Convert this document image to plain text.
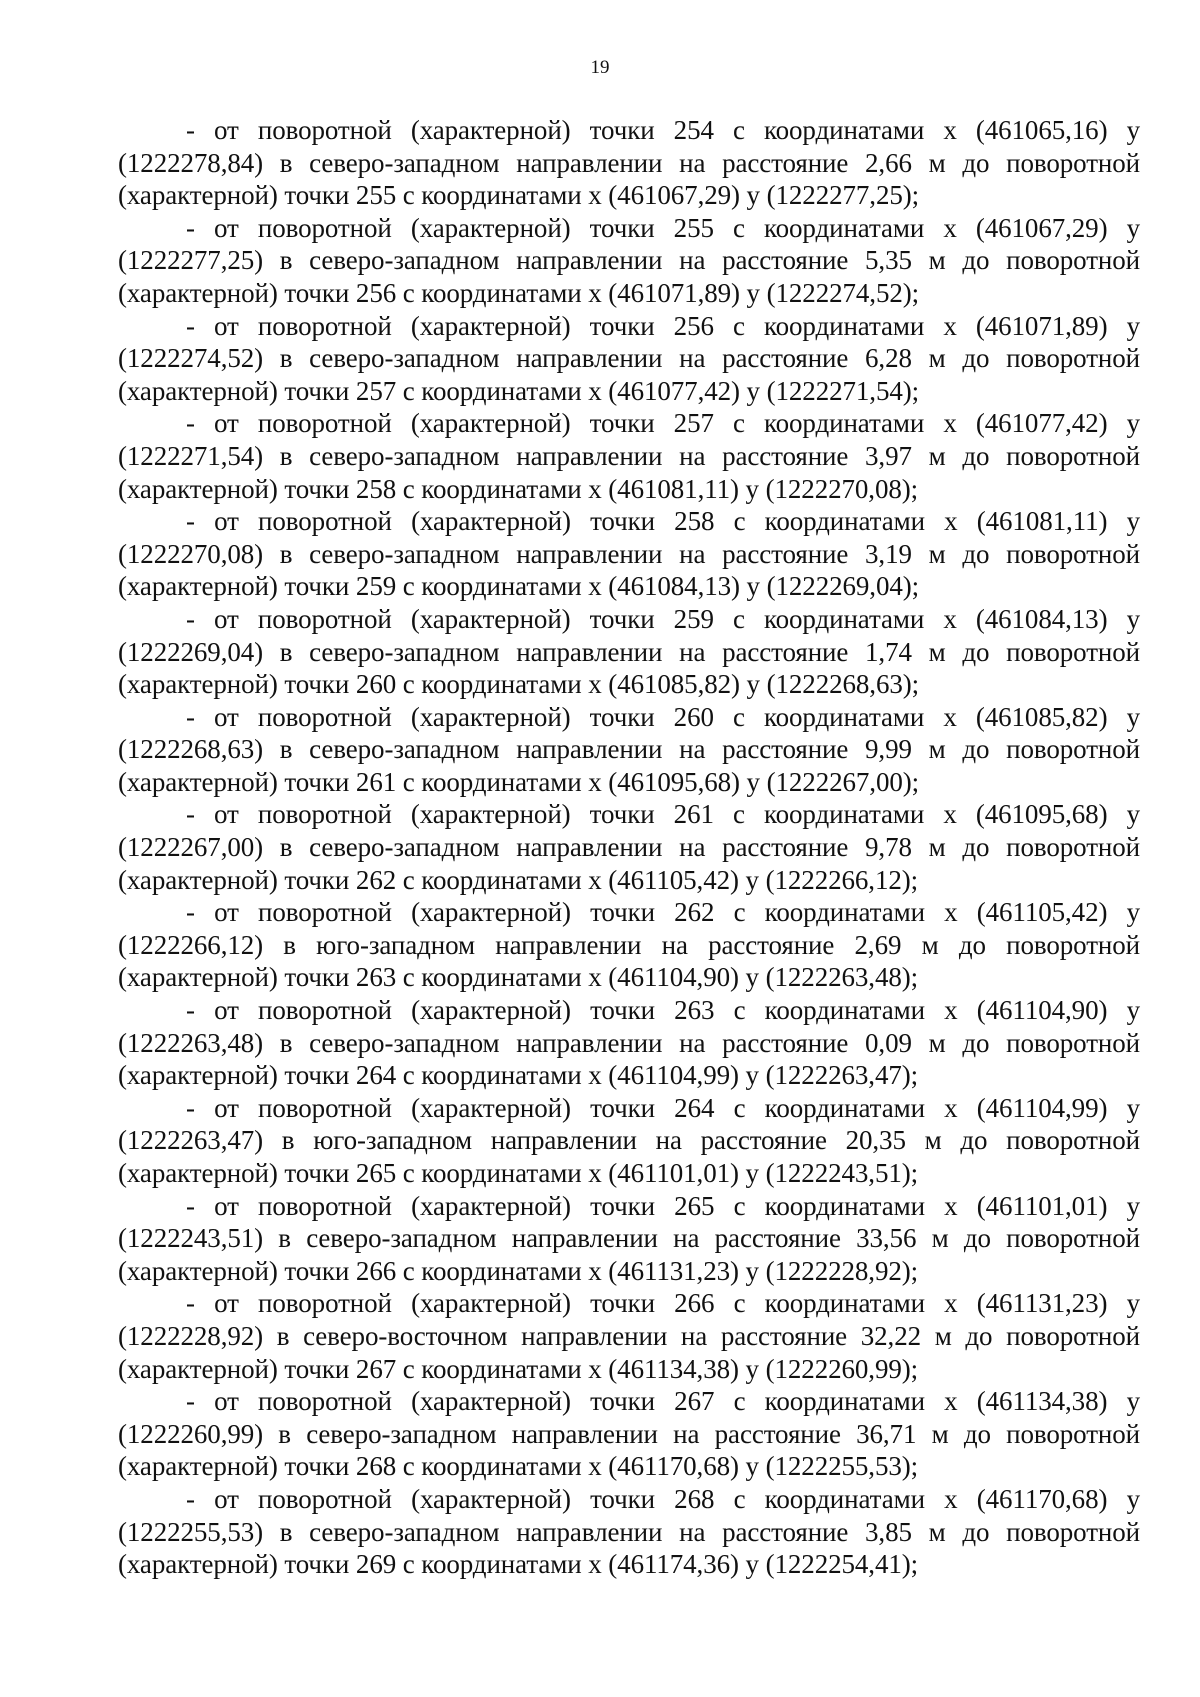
19

- от поворотной (характерной) точки 254 с координатами х (461065,16) у (1222278,84) в северо-западном направлении на расстояние 2,66 м до поворотной (характерной) точки 255 с координатами х (461067,29) у (1222277,25);

- от поворотной (характерной) точки 255 с координатами х (461067,29) у (1222277,25) в северо-западном направлении на расстояние 5,35 м до поворотной (характерной) точки 256 с координатами х (461071,89) у (1222274,52);

- от поворотной (характерной) точки 256 с координатами х (461071,89) у (1222274,52) в северо-западном направлении на расстояние 6,28 м до поворотной (характерной) точки 257 с координатами х (461077,42) у (1222271,54);

- от поворотной (характерной) точки 257 с координатами х (461077,42) у (1222271,54) в северо-западном направлении на расстояние 3,97 м до поворотной (характерной) точки 258 с координатами х (461081,11) у (1222270,08);

- от поворотной (характерной) точки 258 с координатами х (461081,11) у (1222270,08) в северо-западном направлении на расстояние 3,19 м до поворотной (характерной) точки 259 с координатами х (461084,13) у (1222269,04);

- от поворотной (характерной) точки 259 с координатами х (461084,13) у (1222269,04) в северо-западном направлении на расстояние 1,74 м до поворотной (характерной) точки 260 с координатами х (461085,82) у (1222268,63);

- от поворотной (характерной) точки 260 с координатами х (461085,82) у (1222268,63) в северо-западном направлении на расстояние 9,99 м до поворотной (характерной) точки 261 с координатами х (461095,68) у (1222267,00);

- от поворотной (характерной) точки 261 с координатами х (461095,68) у (1222267,00) в северо-западном направлении на расстояние 9,78 м до поворотной (характерной) точки 262 с координатами х (461105,42) у (1222266,12);

- от поворотной (характерной) точки 262 с координатами х (461105,42) у (1222266,12) в юго-западном направлении на расстояние 2,69 м до поворотной (характерной) точки 263 с координатами х (461104,90) у (1222263,48);

- от поворотной (характерной) точки 263 с координатами х (461104,90) у (1222263,48) в северо-западном направлении на расстояние 0,09 м до поворотной (характерной) точки 264 с координатами х (461104,99) у (1222263,47);

- от поворотной (характерной) точки 264 с координатами х (461104,99) у (1222263,47) в юго-западном направлении на расстояние 20,35 м до поворотной (характерной) точки 265 с координатами х (461101,01) у (1222243,51);

- от поворотной (характерной) точки 265 с координатами х (461101,01) у (1222243,51) в северо-западном направлении на расстояние 33,56 м до поворотной (характерной) точки 266 с координатами х (461131,23) у (1222228,92);

- от поворотной (характерной) точки 266 с координатами х (461131,23) у (1222228,92) в северо-восточном направлении на расстояние 32,22 м до поворотной (характерной) точки 267 с координатами х (461134,38) у (1222260,99);

- от поворотной (характерной) точки 267 с координатами х (461134,38) у (1222260,99) в северо-западном направлении на расстояние 36,71 м до поворотной (характерной) точки 268 с координатами х (461170,68) у (1222255,53);

- от поворотной (характерной) точки 268 с координатами х (461170,68) у (1222255,53) в северо-западном направлении на расстояние 3,85 м до поворотной (характерной) точки 269 с координатами х (461174,36) у (1222254,41);
